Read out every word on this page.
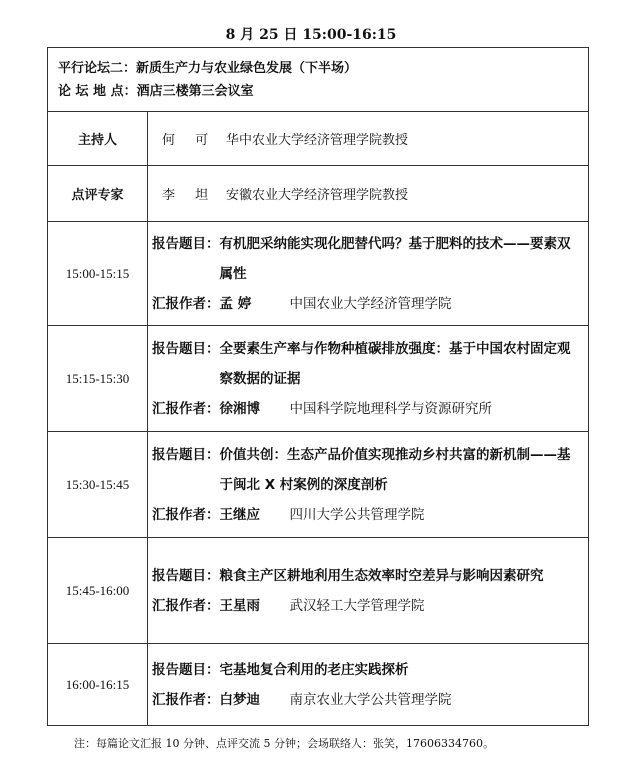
8 月 25 日 15:00-16:15
平行论坛二：新质生产力与农业绿色发展（下半场）
论 坛 地 点：酒店三楼第三会议室	

主持人	何 可 华中农业大学经济管理学院教授
点评专家	李 坦 安徽农业大学经济管理学院教授
15:00-15:15	报告题目： 有机肥采纳能实现化肥替代吗？基于肥料的技术——要素双属性
汇报作者： 孟 婷 中国农业大学经济管理学院

15:15-15:30	报告题目： 全要素生产率与作物种植碳排放强度：基于中国农村固定观察数据的证据
汇报作者： 徐湘博 中国科学院地理科学与资源研究所

15:30-15:45	报告题目： 价值共创：生态产品价值实现推动乡村共富的新机制——基于闽北 X 村案例的深度剖析
汇报作者： 王继应 四川大学公共管理学院

15:45-16:00	报告题目： 粮食主产区耕地利用生态效率时空差异与影响因素研究
汇报作者： 王星雨 武汉轻工大学管理学院

16:00-16:15	报告题目： 宅基地复合利用的老庄实践探析
汇报作者： 白梦迪 南京农业大学公共管理学院
注：每篇论文汇报 10 分钟、点评交流 5 分钟；会场联络人：张笑，17606334760。
